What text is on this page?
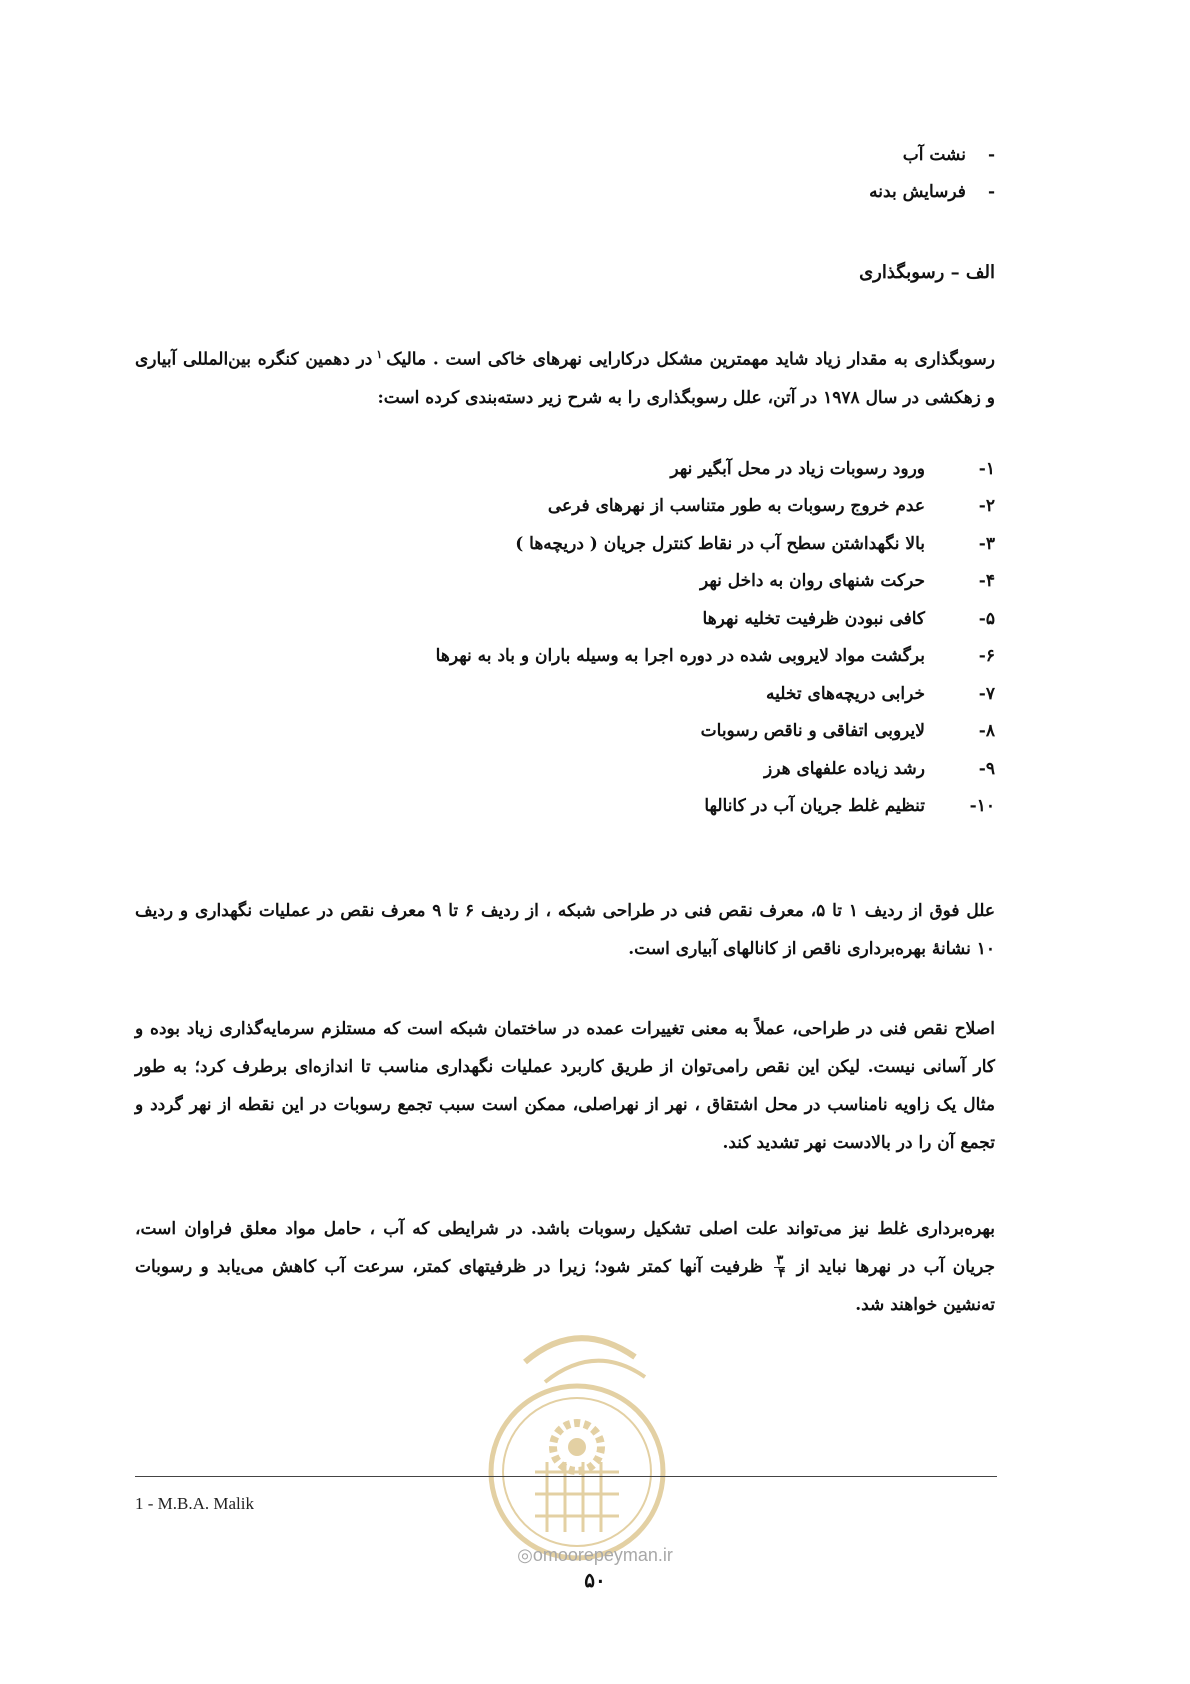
-
نشت آب
-
فرسایش بدنه
الف – رسوبگذاری
رسوبگذاری به مقدار زیاد شاید مهمترین مشکل درکارایی نهرهای خاکی است . مالیک$^۱$در دهمین کنگره بین‌المللی آبیاری و زهکشی در سال ۱۹۷۸ در آتن، علل رسوبگذاری را به شرح زیر دسته‌بندی کرده است:
۱-
ورود رسوبات زیاد در محل آبگیر نهر
۲-
عدم خروج رسوبات به طور متناسب از نهرهای فرعی
۳-
بالا نگهداشتن سطح آب در نقاط کنترل جریان ( دریچه‌ها )
۴-
حرکت شنهای روان به داخل نهر
۵-
کافی نبودن ظرفیت تخلیه نهرها
۶-
برگشت مواد لایروبی شده در دوره اجرا به وسیله باران و باد به نهرها
۷-
خرابی دریچه‌های تخلیه
۸-
لایروبی اتفاقی و ناقص رسوبات
۹-
رشد زیاده علفهای هرز
۱۰-
تنظیم غلط جریان آب در کانالها
علل فوق از ردیف ۱ تا ۵، معرف نقص فنی در طراحی شبکه ، از ردیف ۶ تا ۹ معرف نقص در عملیات نگهداری و ردیف ۱۰ نشانهٔ بهره‌برداری ناقص از کانالهای آبیاری است.
اصلاح نقص فنی در طراحی، عملاً به معنی تغییرات عمده در ساختمان شبکه است که مستلزم سرمایه‌گذاری زیاد بوده و کار آسانی نیست. لیکن این نقص رامی‌توان از طریق کاربرد عملیات نگهداری مناسب تا اندازه‌ای برطرف کرد؛ به طور مثال یک زاویه نامناسب در محل اشتقاق ، نهر از نهراصلی، ممکن است سبب تجمع رسوبات در این نقطه از نهر گردد و تجمع آن را در بالادست نهر تشدید کند.
بهره‌برداری غلط نیز می‌تواند علت اصلی تشکیل رسوبات باشد. در شرایطی که آب ، حامل مواد معلق فراوان است، جریان آب در نهرها نباید از
$\frac{۳}{۴}$
ظرفیت آنها کمتر شود؛ زیرا در ظرفیتهای کمتر، سرعت آب کاهش می‌یابد و رسوبات ته‌نشین خواهند شد.
1 - M.B.A. Malik
◎omoorepeyman.ir
۵۰
